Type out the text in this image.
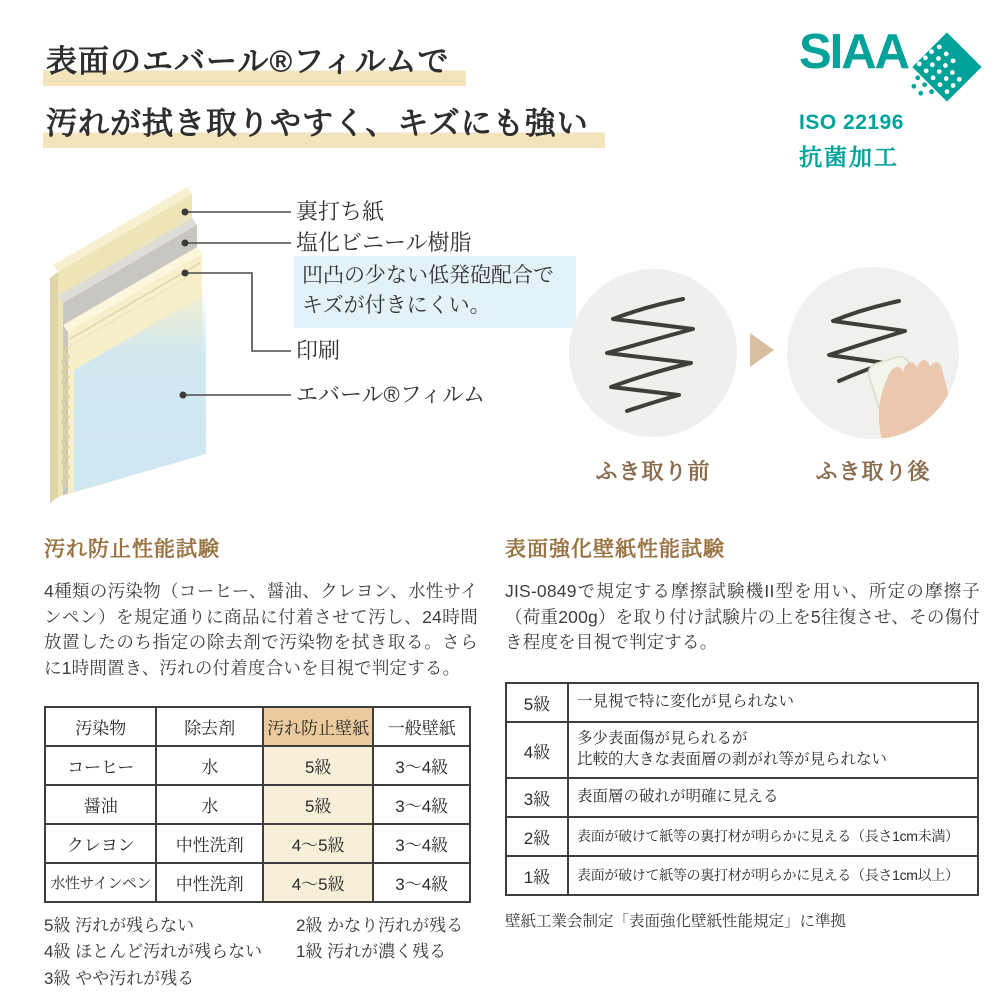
表面のエバール®フィルムで
汚れが拭き取りやすく、キズにも強い
SIAA
ISO 22196
抗菌加工
裏打ち紙
塩化ビニール樹脂
凹凸の少ない低発砲配合で
キズが付きにくい。
印刷
エバール®フィルム
ふき取り前	ふき取り後
汚れ防止性能試験

4種類の汚染物（コーヒー、醤油、クレヨン、水性サインペン）を規定通りに商品に付着させて汚し、24時間放置したのち指定の除去剤で汚染物を拭き取る。さらに1時間置き、汚れの付着度合いを目視で判定する。

汚染物	除去剤	汚れ防止壁紙	一般壁紙
コーヒー	水	5級	3～4級
醤油	水	5級	3～4級
クレヨン	中性洗剤	4～5級	3～4級
水性サインペン	中性洗剤	4～5級	3～4級
5級 汚れが残らない
4級 ほとんど汚れが残らない
3級 やや汚れが残る
2級 かなり汚れが残る
1級 汚れが濃く残る
表面強化壁紙性能試験

JIS-0849で規定する摩擦試験機II型を用い、所定の摩擦子（荷重200g）を取り付け試験片の上を5往復させ、その傷付き程度を目視で判定する。

5級	一見視で特に変化が見られない

4級	多少表面傷が見られるが
比較的大きな表面層の剥がれ等が見られない

3級	表面層の破れが明確に見える

2級	表面が破けて紙等の裏打材が明らかに見える（長さ1cm未満）

1級	表面が破けて紙等の裏打材が明らかに見える（長さ1cm以上）

壁紙工業会制定「表面強化壁紙性能規定」に準拠
